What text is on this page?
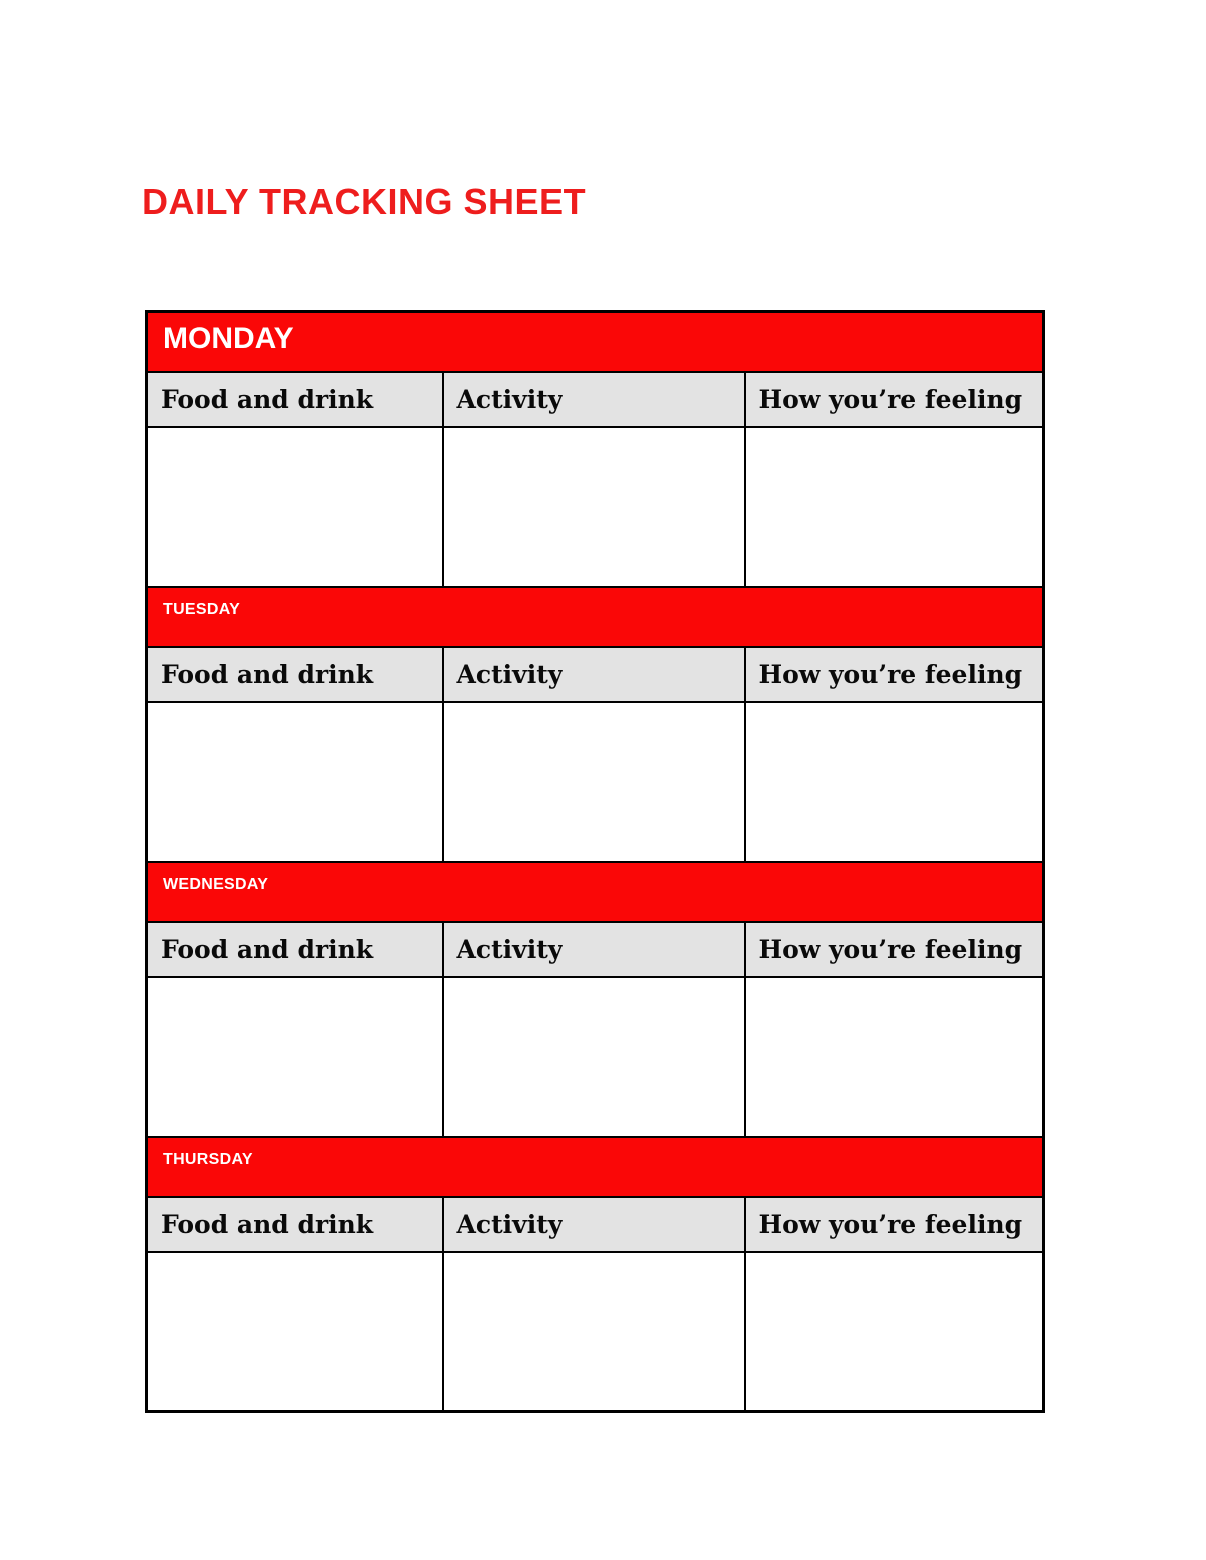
DAILY TRACKING SHEET
MONDAY		
Food and drink	Activity	How you’re feeling

TUESDAY		
Food and drink	Activity	How you’re feeling

WEDNESDAY		
Food and drink	Activity	How you’re feeling

THURSDAY		
Food and drink	Activity	How you’re feeling
